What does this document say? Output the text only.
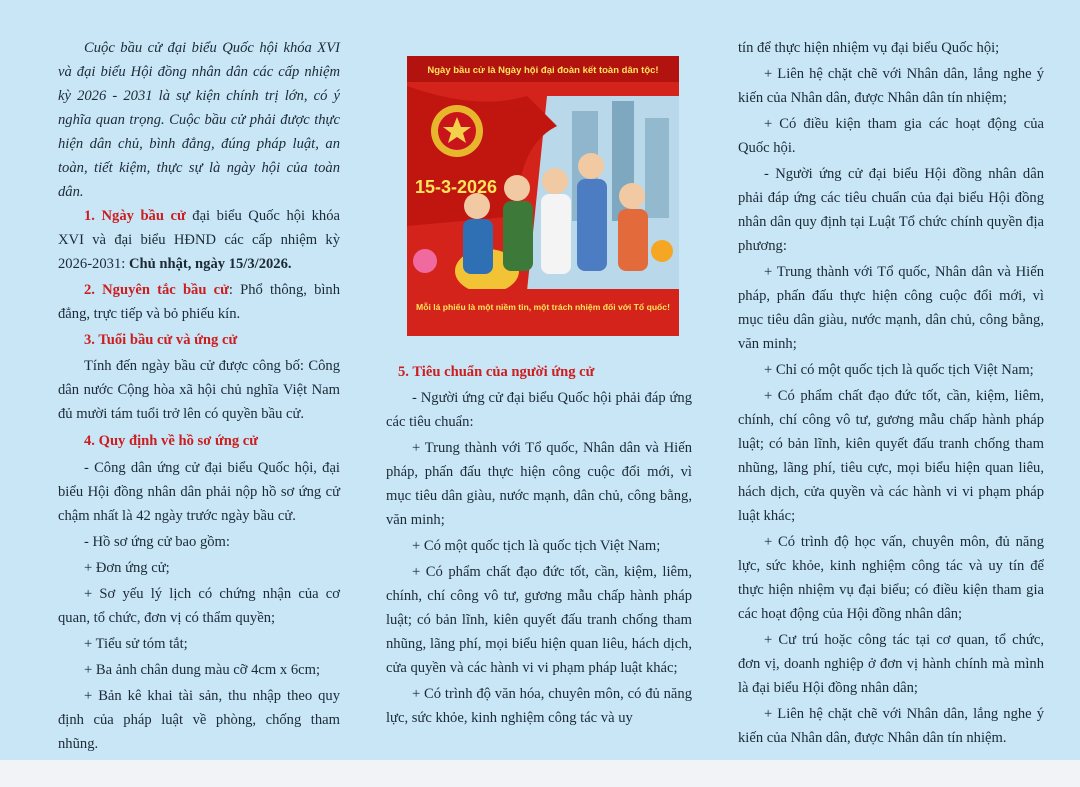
Cuộc bầu cử đại biểu Quốc hội khóa XVI và đại biểu Hội đồng nhân dân các cấp nhiệm kỳ 2026 - 2031 là sự kiện chính trị lớn, có ý nghĩa quan trọng. Cuộc bầu cử phải được thực hiện dân chủ, bình đẳng, đúng pháp luật, an toàn, tiết kiệm, thực sự là ngày hội của toàn dân.

1. Ngày bầu cử đại biểu Quốc hội khóa XVI và đại biểu HĐND các cấp nhiệm kỳ 2026-2031: Chủ nhật, ngày 15/3/2026.

2. Nguyên tắc bầu cử: Phổ thông, bình đẳng, trực tiếp và bỏ phiếu kín.

3. Tuổi bầu cử và ứng cử

Tính đến ngày bầu cử được công bố: Công dân nước Cộng hòa xã hội chủ nghĩa Việt Nam đủ mười tám tuổi trở lên có quyền bầu cử.

4. Quy định về hồ sơ ứng cử

- Công dân ứng cử đại biểu Quốc hội, đại biểu Hội đồng nhân dân phải nộp hồ sơ ứng cử chậm nhất là 42 ngày trước ngày bầu cử.

- Hồ sơ ứng cử bao gồm:

+ Đơn ứng cử;

+ Sơ yếu lý lịch có chứng nhận của cơ quan, tổ chức, đơn vị có thẩm quyền;

+ Tiểu sử tóm tắt;

+ Ba ảnh chân dung màu cỡ 4cm x 6cm;

+ Bản kê khai tài sản, thu nhập theo quy định của pháp luật về phòng, chống tham nhũng.

Ngày bầu cử là Ngày hội đại đoàn kết toàn dân tộc!
15-3-2026
Mỗi lá phiếu là một niềm tin, một trách nhiệm đối với Tổ quốc!

5. Tiêu chuẩn của người ứng cử

- Người ứng cử đại biểu Quốc hội phải đáp ứng các tiêu chuẩn:

+ Trung thành với Tổ quốc, Nhân dân và Hiến pháp, phấn đấu thực hiện công cuộc đổi mới, vì mục tiêu dân giàu, nước mạnh, dân chủ, công bằng, văn minh;

+ Có một quốc tịch là quốc tịch Việt Nam;

+ Có phẩm chất đạo đức tốt, cần, kiệm, liêm, chính, chí công vô tư, gương mẫu chấp hành pháp luật; có bản lĩnh, kiên quyết đấu tranh chống tham nhũng, lãng phí, mọi biểu hiện quan liêu, hách dịch, cửa quyền và các hành vi vi phạm pháp luật khác;

+ Có trình độ văn hóa, chuyên môn, có đủ năng lực, sức khỏe, kinh nghiệm công tác và uy

tín để thực hiện nhiệm vụ đại biểu Quốc hội;

+ Liên hệ chặt chẽ với Nhân dân, lắng nghe ý kiến của Nhân dân, được Nhân dân tín nhiệm;

+ Có điều kiện tham gia các hoạt động của Quốc hội.

- Người ứng cử đại biểu Hội đồng nhân dân phải đáp ứng các tiêu chuẩn của đại biểu Hội đồng nhân dân quy định tại Luật Tổ chức chính quyền địa phương:

+ Trung thành với Tổ quốc, Nhân dân và Hiến pháp, phấn đấu thực hiện công cuộc đổi mới, vì mục tiêu dân giàu, nước mạnh, dân chủ, công bằng, văn minh;

+ Chỉ có một quốc tịch là quốc tịch Việt Nam;

+ Có phẩm chất đạo đức tốt, cần, kiệm, liêm, chính, chí công vô tư, gương mẫu chấp hành pháp luật; có bản lĩnh, kiên quyết đấu tranh chống tham nhũng, lãng phí, tiêu cực, mọi biểu hiện quan liêu, hách dịch, cửa quyền và các hành vi vi phạm pháp luật khác;

+ Có trình độ học vấn, chuyên môn, đủ năng lực, sức khỏe, kinh nghiệm công tác và uy tín để thực hiện nhiệm vụ đại biểu; có điều kiện tham gia các hoạt động của Hội đồng nhân dân;

+ Cư trú hoặc công tác tại cơ quan, tổ chức, đơn vị, doanh nghiệp ở đơn vị hành chính mà mình là đại biểu Hội đồng nhân dân;

+ Liên hệ chặt chẽ với Nhân dân, lắng nghe ý kiến của Nhân dân, được Nhân dân tín nhiệm.
